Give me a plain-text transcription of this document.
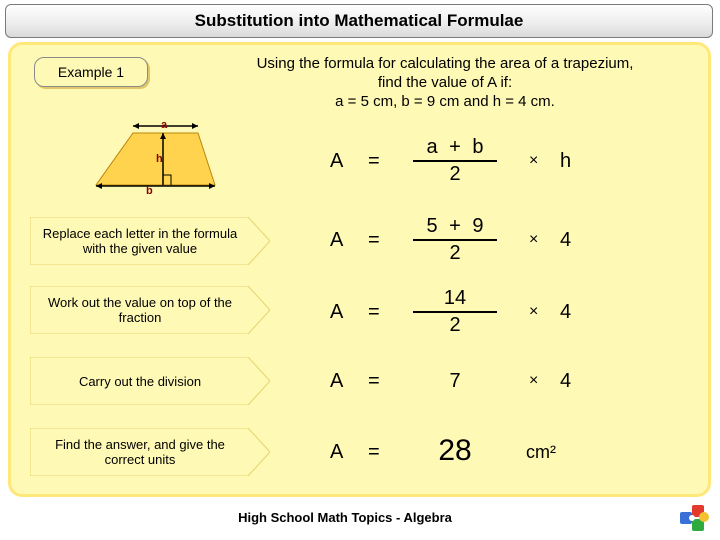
Substitution into Mathematical Formulae
Example 1	Using the formula for calculating the area of a trapezium,
find the value of A if:
a = 5 cm, b = 9 cm and h = 4 cm.
a
h
b
Replace each letter in the formula with the given value
Work out the value on top of the fraction
Carry out the division
Find the answer, and give the correct units
A =
a + b
2
× h
A =
5 + 9
2
× 4
A =
14
2
× 4
A =	7	× 4
A =	28	cm²
High School Math Topics - Algebra
